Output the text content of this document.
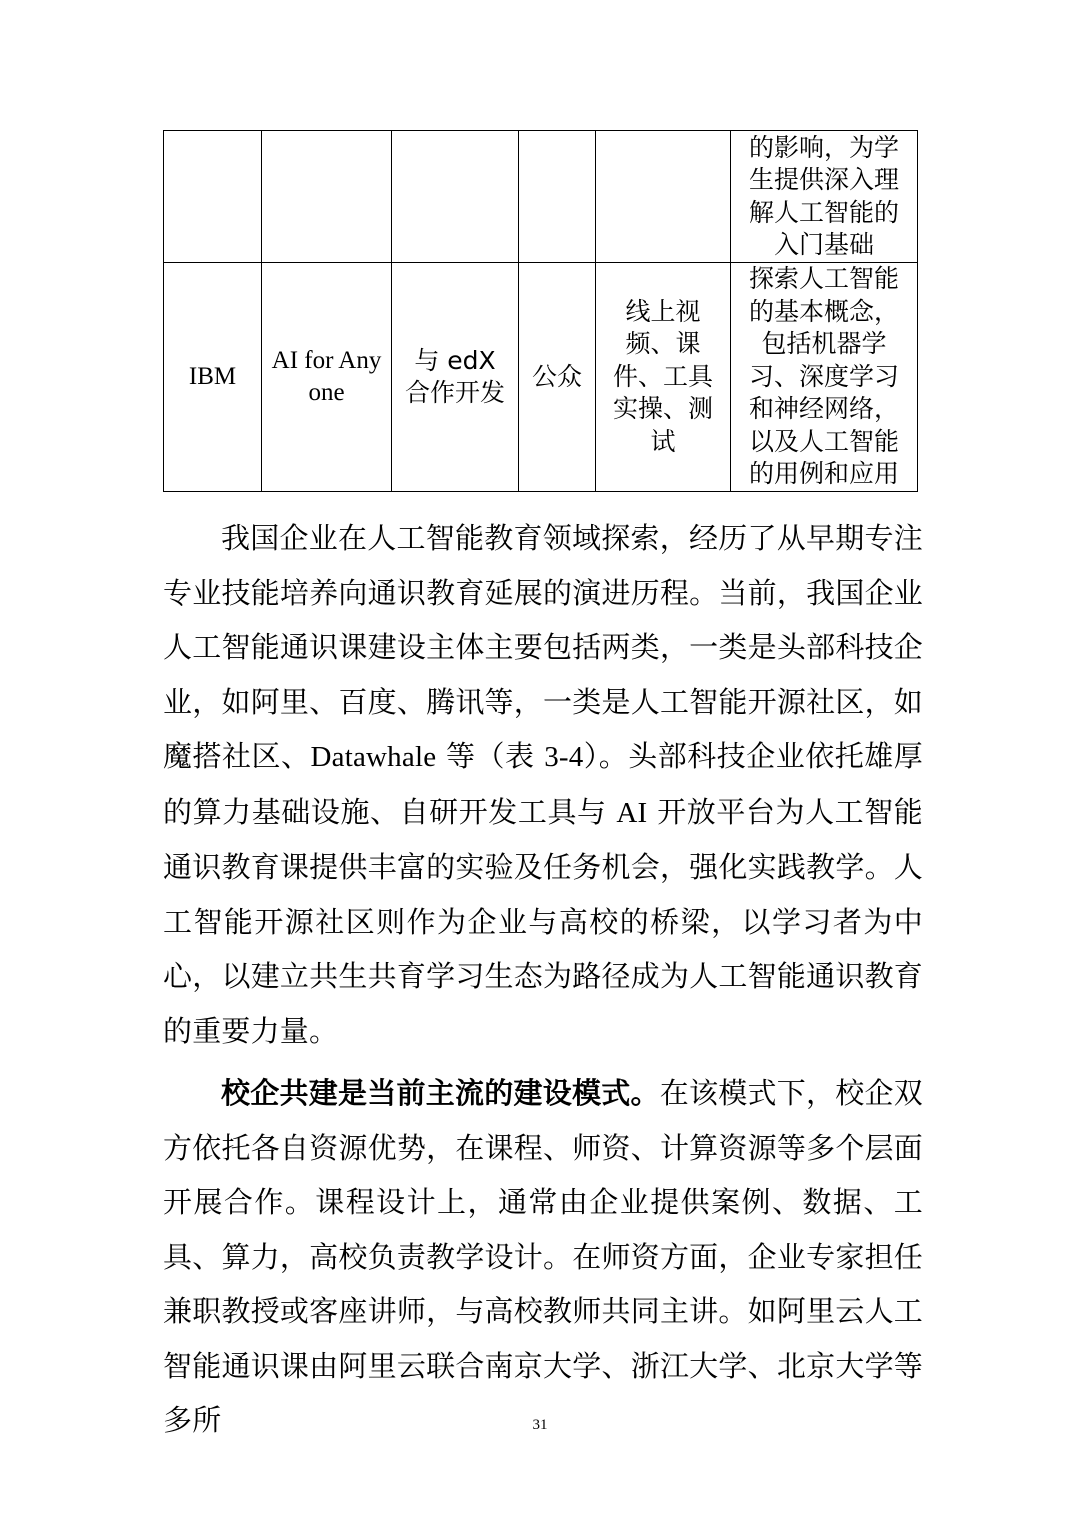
					的影响，为学生提供深入理解人工智能的入门基础

IBM	AI for Anyone	与 edX 合作开发	公众	线上视频、课件、工具实操、测试	探索人工智能的基本概念，包括机器学习、深度学习和神经网络，以及人工智能的用例和应用

我国企业在人工智能教育领域探索，经历了从早期专注专业技能培养向通识教育延展的演进历程。当前，我国企业人工智能通识课建设主体主要包括两类，一类是头部科技企业，如阿里、百度、腾讯等，一类是人工智能开源社区，如魔搭社区、Datawhale 等（表 3-4）。头部科技企业依托雄厚的算力基础设施、自研开发工具与 AI 开放平台为人工智能通识教育课提供丰富的实验及任务机会，强化实践教学。人工智能开源社区则作为企业与高校的桥梁，以学习者为中心，以建立共生共育学习生态为路径成为人工智能通识教育的重要力量。

校企共建是当前主流的建设模式。在该模式下，校企双方依托各自资源优势，在课程、师资、计算资源等多个层面开展合作。课程设计上，通常由企业提供案例、数据、工具、算力，高校负责教学设计。在师资方面，企业专家担任兼职教授或客座讲师，与高校教师共同主讲。如阿里云人工智能通识课由阿里云联合南京大学、浙江大学、北京大学等多所	31
